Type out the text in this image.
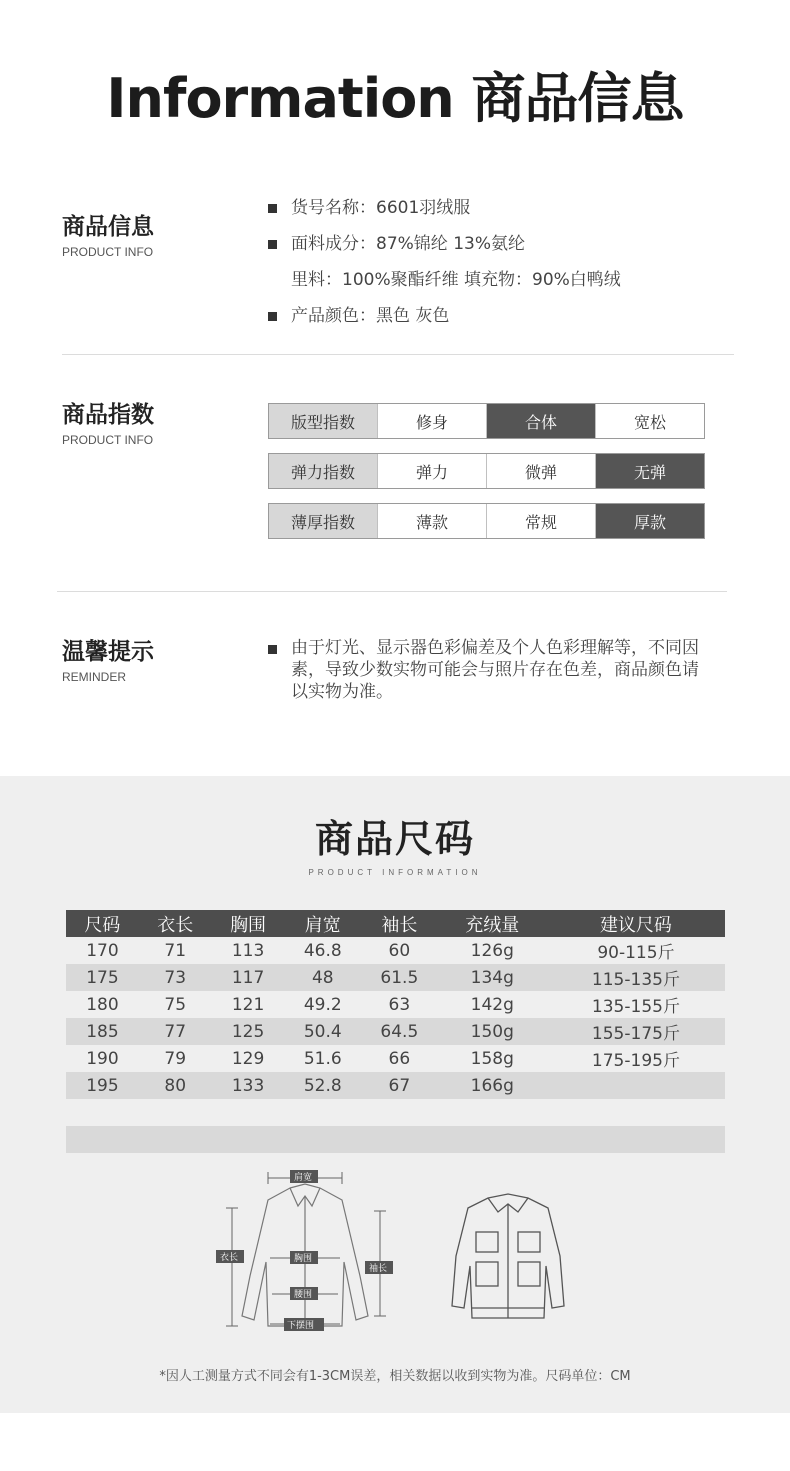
Information 商品信息
商品信息
PRODUCT INFO
货号名称：6601羽绒服
面料成分：87%锦纶 13%氨纶
里料：100%聚酯纤维 填充物：90%白鸭绒
产品颜色：黑色 灰色
商品指数
PRODUCT INFO
版型指数	修身	合体	宽松
弹力指数	弹力	微弹	无弹
薄厚指数	薄款	常规	厚款
温馨提示
REMINDER
由于灯光、显示器色彩偏差及个人色彩理解等，不同因素，导致少数实物可能会与照片存在色差，商品颜色请以实物为准。
商品尺码
PRODUCT INFORMATION
尺码	衣长	胸围	肩宽	袖长	充绒量	建议尺码
170	71	113	46.8	60	126g	90-115斤
175	73	117	48	61.5	134g	115-135斤
180	75	121	49.2	63	142g	135-155斤
185	77	125	50.4	64.5	150g	155-175斤
190	79	129	51.6	66	158g	175-195斤
195	80	133	52.8	67	166g	
肩宽
衣长	胸围
袖长
腰围
下摆围
*因人工测量方式不同会有1-3CM误差，相关数据以收到实物为准。尺码单位：CM
